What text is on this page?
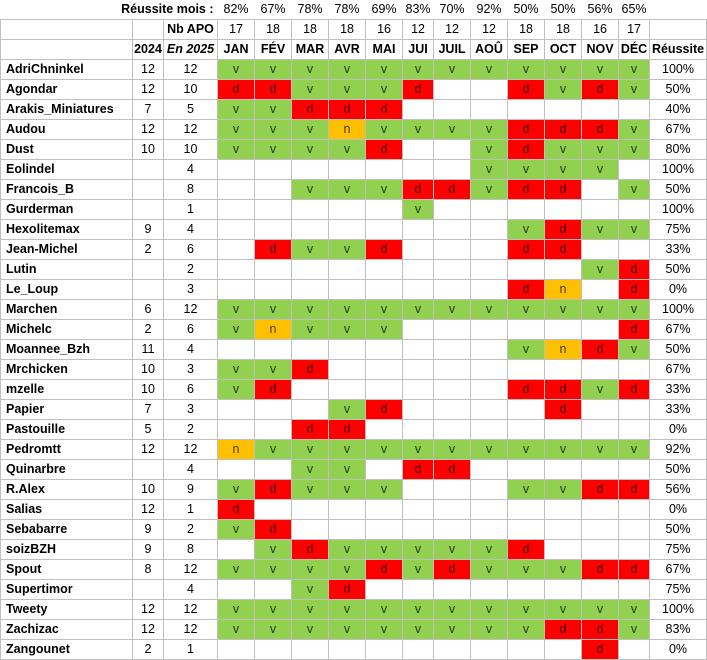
Réussite mois :			82%	67%	78%	78%	69%	83%	70%	92%	50%	50%	56%	65%	
		Nb APO	17	18	18	18	16	12	12	12	18	18	16	17	
	2024	En 2025	JAN	FÉV	MAR	AVR	MAI	JUI	JUIL	AOÛ	SEP	OCT	NOV	DÉC	Réussite
AdriChninkel	12	12	v	v	v	v	v	v	v	v	v	v	v	v	100%
Agondar	12	10	d	d	v	v	v	d			d	v	d	v	50%
Arakis_Miniatures	7	5	v	v	d	d	d								40%
Audou	12	12	v	v	v	n	v	v	v	v	d	d	d	v	67%
Dust	10	10	v	v	v	v	d			v	d	v	v	v	80%
Eolindel		4								v	v	v	v		100%
Francois_B		8			v	v	v	d	d	v	d	d		v	50%
Gurderman		1						v							100%
Hexolitemax	9	4									v	d	v	v	75%
Jean-Michel	2	6		d	v	v	d				d	d			33%
Lutin		2											v	d	50%
Le_Loup		3									d	n		d	0%
Marchen	6	12	v	v	v	v	v	v	v	v	v	v	v	v	100%
Michelc	2	6	v	n	v	v	v							d	67%
Moannee_Bzh	11	4									v	n	d	v	50%
Mrchicken	10	3	v	v	d										67%
mzelle	10	6	v	d							d	d	v	d	33%
Papier	7	3				v	d					d			33%
Pastouille	5	2			d	d									0%
Pedromtt	12	12	n	v	v	v	v	v	v	v	v	v	v	v	92%
Quinarbre		4			v	v		d	d						50%
R.Alex	10	9	v	d	v	v	v				v	v	d	d	56%
Salias	12	1	d												0%
Sebabarre	9	2	v	d											50%
soizBZH	9	8		v	d	v	v	v	v	v	d				75%
Spout	8	12	v	v	v	v	d	v	d	v	v	v	d	d	67%
Supertimor		4			v	d									75%
Tweety	12	12	v	v	v	v	v	v	v	v	v	v	v	v	100%
Zachizac	12	12	v	v	v	v	v	v	v	v	v	d	d	v	83%
Zangounet	2	1											d		0%
